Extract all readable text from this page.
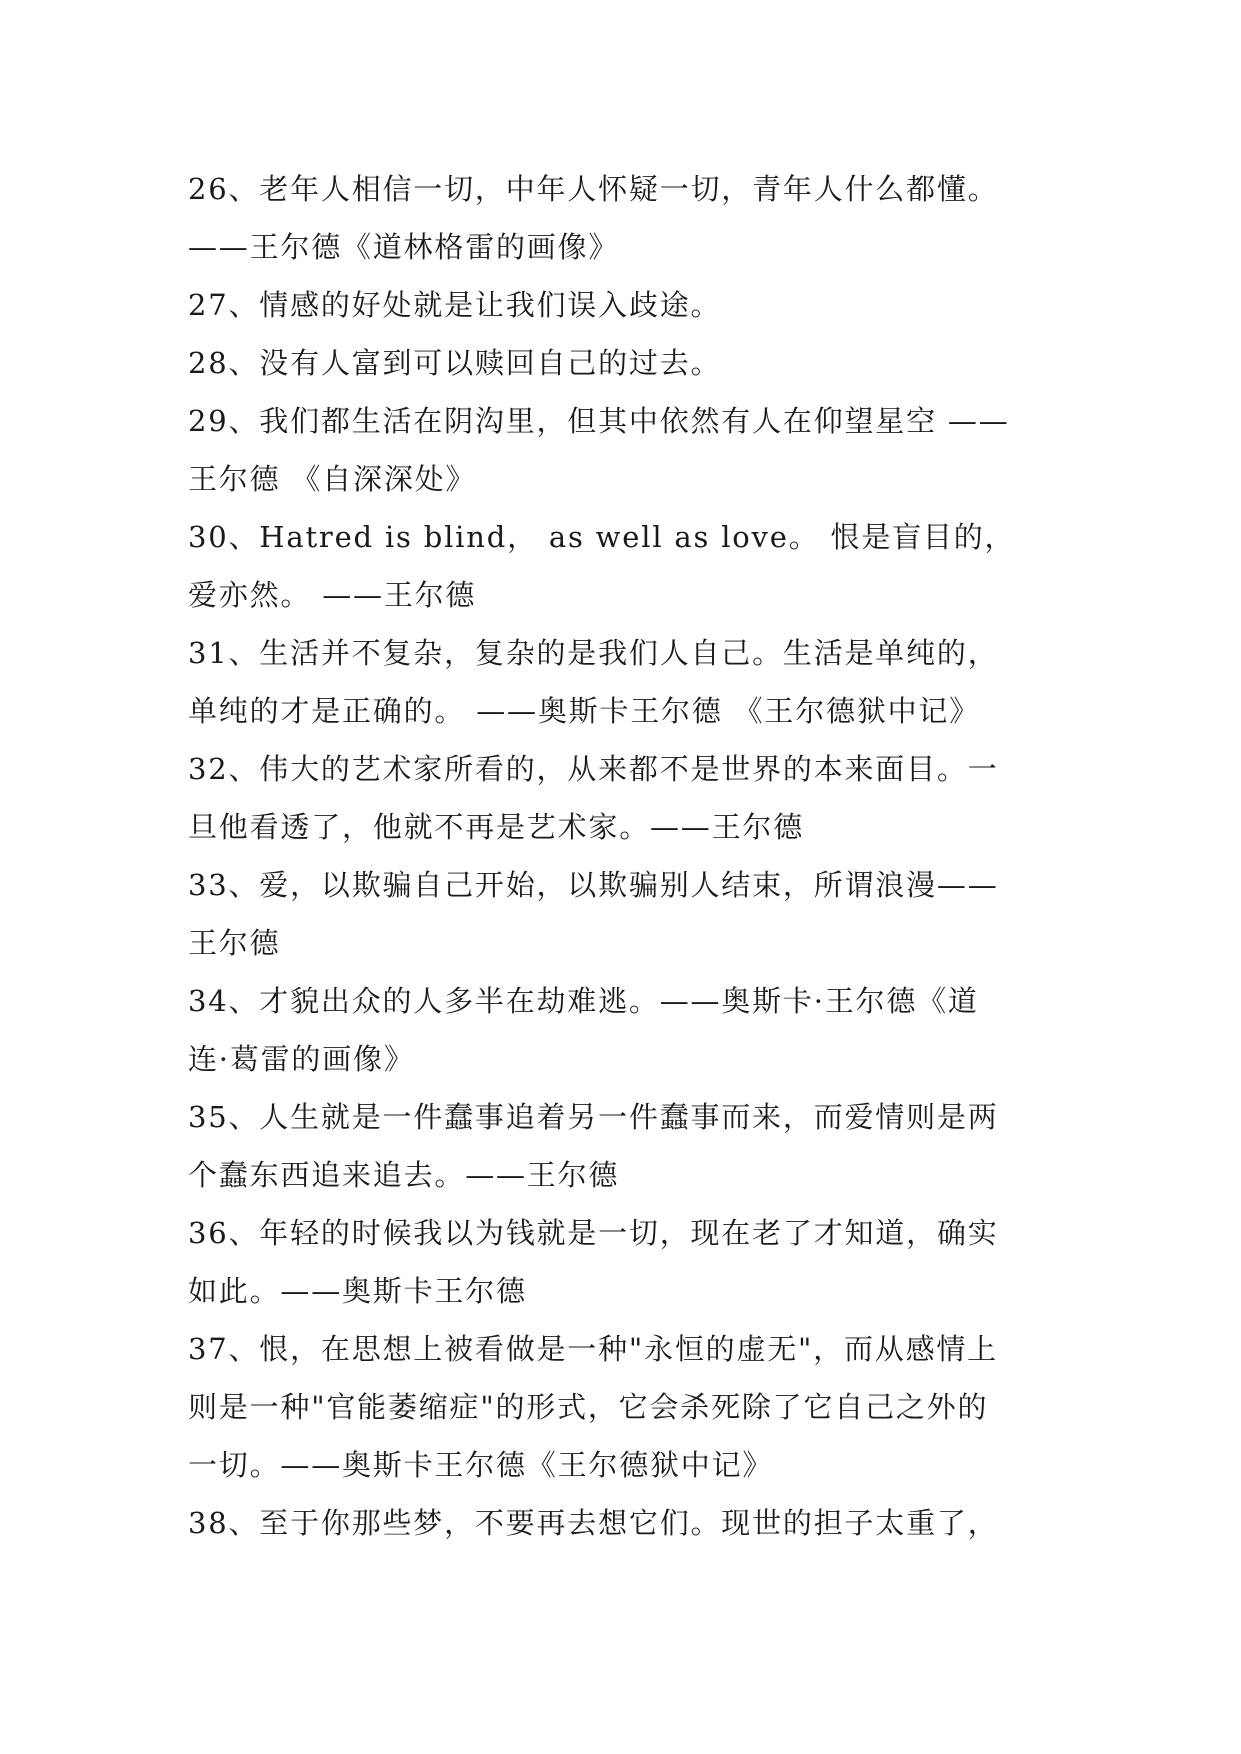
26、老年人相信一切，中年人怀疑一切，青年人什么都懂。
——王尔德《道林格雷的画像》
27、情感的好处就是让我们误入歧途。
28、没有人富到可以赎回自己的过去。
29、我们都生活在阴沟里，但其中依然有人在仰望星空 ——
王尔德 《自深深处》
30、Hatred is blind， as well as love。 恨是盲目的，
爱亦然。 ——王尔德
31、生活并不复杂，复杂的是我们人自己。生活是单纯的，
单纯的才是正确的。 ——奥斯卡王尔德 《王尔德狱中记》
32、伟大的艺术家所看的，从来都不是世界的本来面目。一
旦他看透了，他就不再是艺术家。——王尔德
33、爱，以欺骗自己开始，以欺骗别人结束，所谓浪漫——
王尔德
34、才貌出众的人多半在劫难逃。——奥斯卡·王尔德《道
连·葛雷的画像》
35、人生就是一件蠢事追着另一件蠢事而来，而爱情则是两
个蠢东西追来追去。——王尔德
36、年轻的时候我以为钱就是一切，现在老了才知道，确实
如此。——奥斯卡王尔德
37、恨，在思想上被看做是一种"永恒的虚无"，而从感情上
则是一种"官能萎缩症"的形式，它会杀死除了它自己之外的
一切。——奥斯卡王尔德《王尔德狱中记》
38、至于你那些梦，不要再去想它们。现世的担子太重了，
